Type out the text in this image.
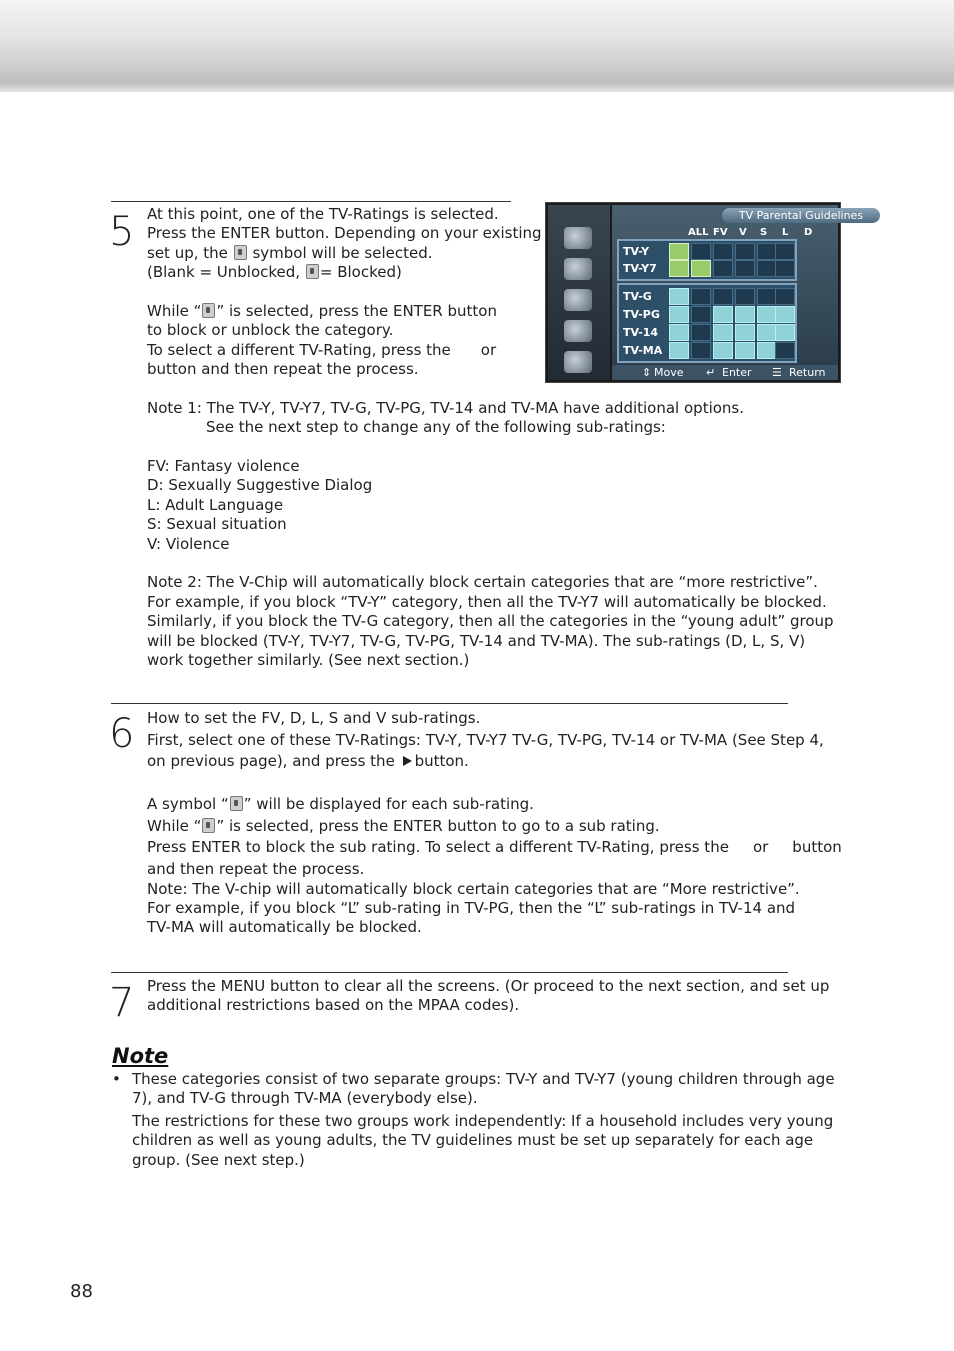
5 At this point, one of the TV-Ratings is selected.
Press the ENTER button. Depending on your existing
set up, the symbol will be selected.
(Blank = Unblocked, = Blocked)
While “ ” is selected, press the ENTER button
to block or unblock the category.
To select a different TV-Rating, press the or
button and then repeat the process.
Note 1: The TV-Y, TV-Y7, TV-G, TV-PG, TV-14 and TV-MA have additional options.
See the next step to change any of the following sub-ratings:
FV: Fantasy violence
D: Sexually Suggestive Dialog
L: Adult Language
S: Sexual situation
V: Violence
Note 2: The V-Chip will automatically block certain categories that are “more restrictive”.
For example, if you block “TV-Y” category, then all the TV-Y7 will automatically be blocked.
Similarly, if you block the TV-G category, then all the categories in the “young adult” group
will be blocked (TV-Y, TV-Y7, TV-G, TV-PG, TV-14 and TV-MA). The sub-ratings (D, L, S, V)
work together similarly. (See next section.)
TV Parental Guidelines
ALL FV V S L D
TV-Y
TV-Y7
TV-G
TV-PG
TV-14
TV-MA
⇕ Move ↵ Enter ☰ Return
6 How to set the FV, D, L, S and V sub-ratings.
First, select one of these TV-Ratings: TV-Y, TV-Y7 TV-G, TV-PG, TV-14 or TV-MA (See Step 4,
on previous page), and press the button.
A symbol “ ” will be displayed for each sub-rating.
While “ ” is selected, press the ENTER button to go to a sub rating.
Press ENTER to block the sub rating. To select a different TV-Rating, press the or button
and then repeat the process.
Note: The V-chip will automatically block certain categories that are “More restrictive”.
For example, if you block “L” sub-rating in TV-PG, then the “L” sub-ratings in TV-14 and
TV-MA will automatically be blocked.
7 Press the MENU button to clear all the screens. (Or proceed to the next section, and set up
additional restrictions based on the MPAA codes).
Note
• These categories consist of two separate groups: TV-Y and TV-Y7 (young children through age
7), and TV-G through TV-MA (everybody else).
The restrictions for these two groups work independently: If a household includes very young
children as well as young adults, the TV guidelines must be set up separately for each age
group. (See next step.)
88
